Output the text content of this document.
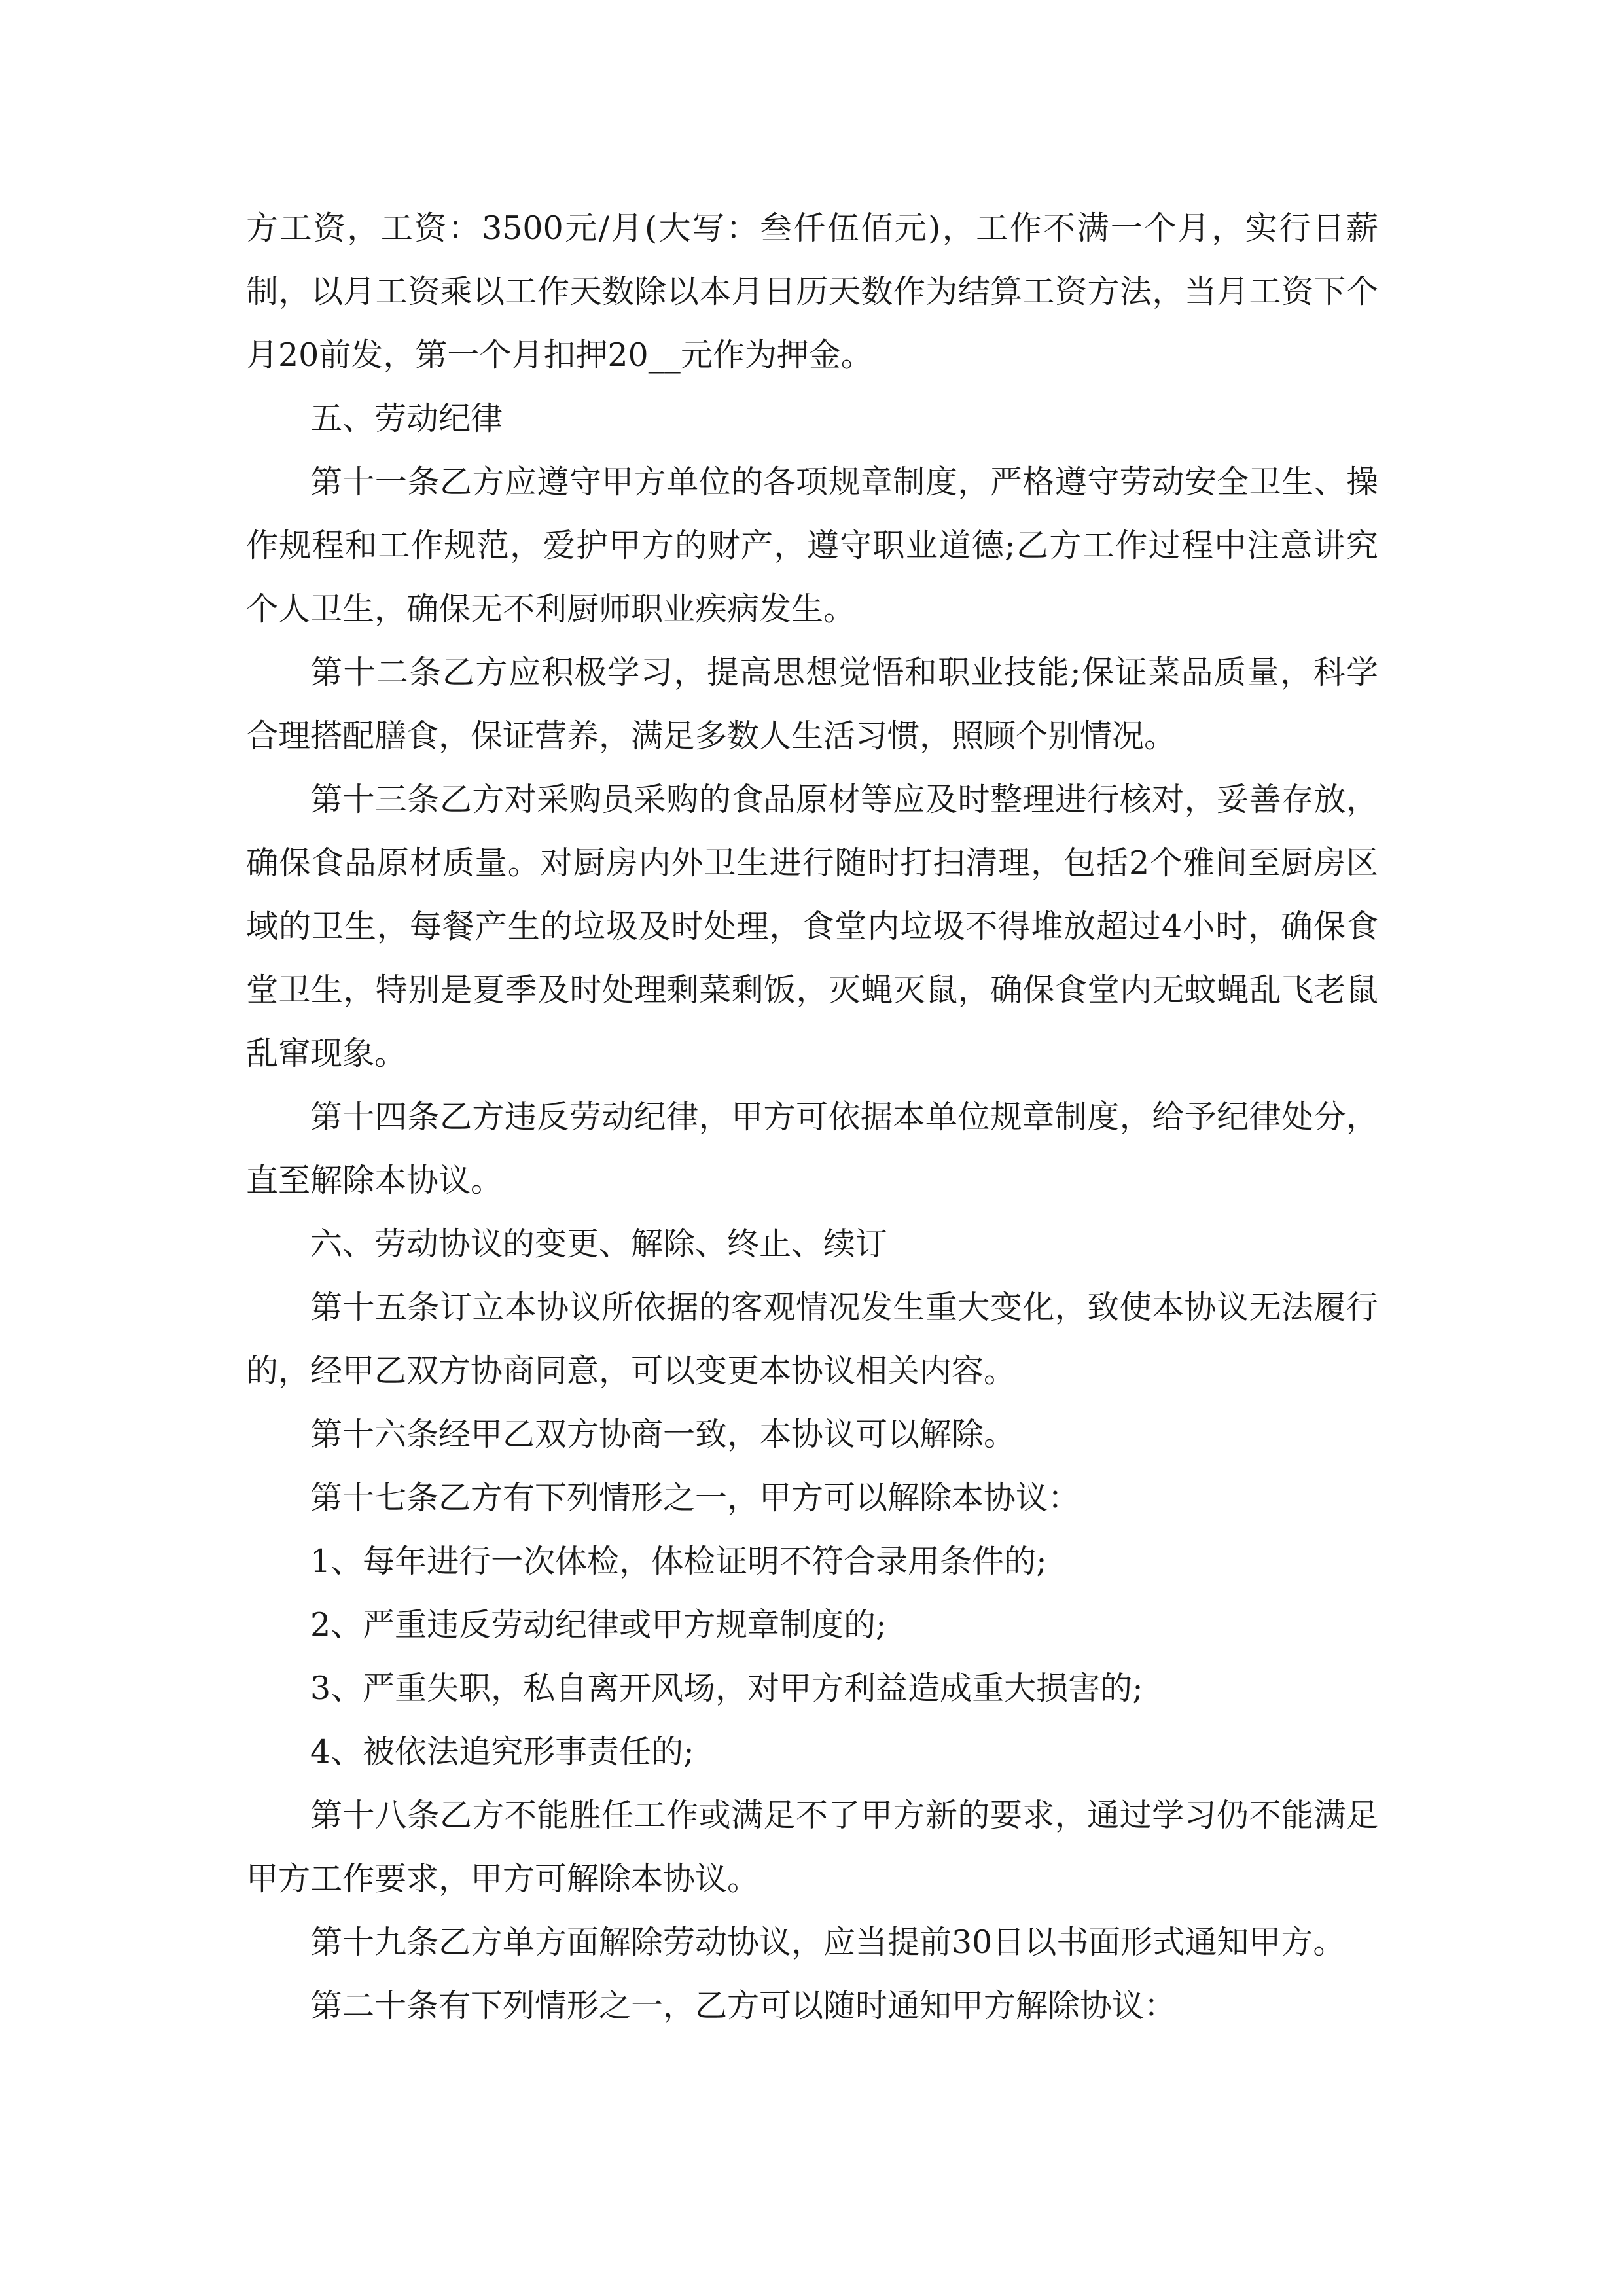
方工资，工资：3500元/月(大写：叁仟伍佰元)，工作不满一个月，实行日薪制，以月工资乘以工作天数除以本月日历天数作为结算工资方法，当月工资下个月20前发，第一个月扣押20__元作为押金。

五、劳动纪律

第十一条乙方应遵守甲方单位的各项规章制度，严格遵守劳动安全卫生、操作规程和工作规范，爱护甲方的财产，遵守职业道德;乙方工作过程中注意讲究个人卫生，确保无不利厨师职业疾病发生。

第十二条乙方应积极学习，提高思想觉悟和职业技能;保证菜品质量，科学合理搭配膳食，保证营养，满足多数人生活习惯，照顾个别情况。

第十三条乙方对采购员采购的食品原材等应及时整理进行核对，妥善存放，确保食品原材质量。对厨房内外卫生进行随时打扫清理，包括2个雅间至厨房区域的卫生，每餐产生的垃圾及时处理，食堂内垃圾不得堆放超过4小时，确保食堂卫生，特别是夏季及时处理剩菜剩饭，灭蝇灭鼠，确保食堂内无蚊蝇乱飞老鼠乱窜现象。

第十四条乙方违反劳动纪律，甲方可依据本单位规章制度，给予纪律处分，直至解除本协议。

六、劳动协议的变更、解除、终止、续订

第十五条订立本协议所依据的客观情况发生重大变化，致使本协议无法履行的，经甲乙双方协商同意，可以变更本协议相关内容。

第十六条经甲乙双方协商一致，本协议可以解除。

第十七条乙方有下列情形之一，甲方可以解除本协议：

1、每年进行一次体检，体检证明不符合录用条件的;

2、严重违反劳动纪律或甲方规章制度的;

3、严重失职，私自离开风场，对甲方利益造成重大损害的;

4、被依法追究形事责任的;

第十八条乙方不能胜任工作或满足不了甲方新的要求，通过学习仍不能满足甲方工作要求，甲方可解除本协议。

第十九条乙方单方面解除劳动协议，应当提前30日以书面形式通知甲方。

第二十条有下列情形之一，乙方可以随时通知甲方解除协议：
